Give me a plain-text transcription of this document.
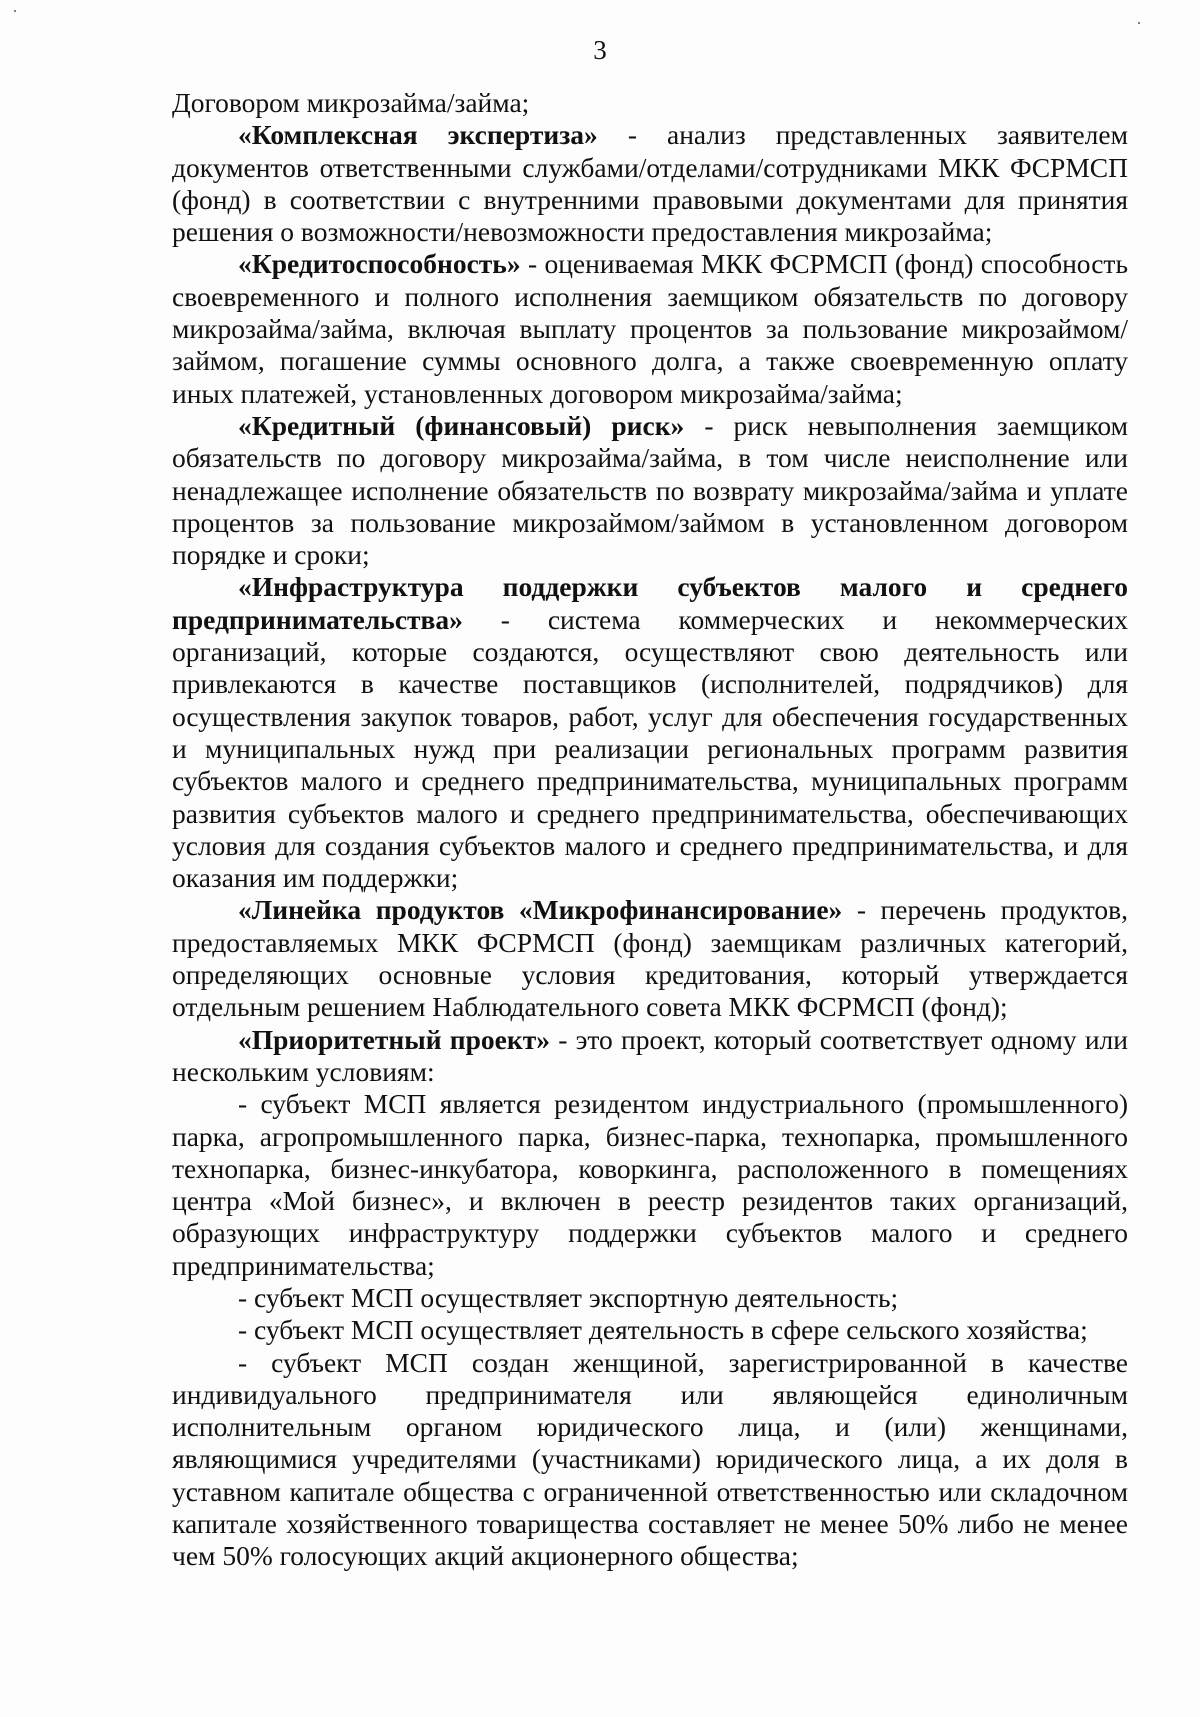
3

Договором микрозайма/займа;

«Комплексная экспертиза» - анализ представленных заявителем документов ответственными службами/отделами/сотрудниками МКК ФСРМСП (фонд) в соответствии с внутренними правовыми документами для принятия решения о возможности/невозможности предоставления микрозайма;

«Кредитоспособность» - оцениваемая МКК ФСРМСП (фонд) способность своевременного и полного исполнения заемщиком обязательств по договору микрозайма/займа, включая выплату процентов за пользование микрозаймом/займом, погашение суммы основного долга, а также своевременную оплату иных платежей, установленных договором микрозайма/займа;

«Кредитный (финансовый) риск» - риск невыполнения заемщиком обязательств по договору микрозайма/займа, в том числе неисполнение или ненадлежащее исполнение обязательств по возврату микрозайма/займа и уплате процентов за пользование микрозаймом/займом в установленном договором порядке и сроки;

«Инфраструктура поддержки субъектов малого и среднего предпринимательства» - система коммерческих и некоммерческих организаций, которые создаются, осуществляют свою деятельность или привлекаются в качестве поставщиков (исполнителей, подрядчиков) для осуществления закупок товаров, работ, услуг для обеспечения государственных и муниципальных нужд при реализации региональных программ развития субъектов малого и среднего предпринимательства, муниципальных программ развития субъектов малого и среднего предпринимательства, обеспечивающих условия для создания субъектов малого и среднего предпринимательства, и для оказания им поддержки;

«Линейка продуктов «Микрофинансирование» - перечень продуктов, предоставляемых МКК ФСРМСП (фонд) заемщикам различных категорий, определяющих основные условия кредитования, который утверждается отдельным решением Наблюдательного совета МКК ФСРМСП (фонд);

«Приоритетный проект» - это проект, который соответствует одному или нескольким условиям:

- субъект МСП является резидентом индустриального (промышленного) парка, агропромышленного парка, бизнес-парка, технопарка, промышленного технопарка, бизнес-инкубатора, коворкинга, расположенного в помещениях центра «Мой бизнес», и включен в реестр резидентов таких организаций, образующих инфраструктуру поддержки субъектов малого и среднего предпринимательства;

- субъект МСП осуществляет экспортную деятельность;

- субъект МСП осуществляет деятельность в сфере сельского хозяйства;

- субъект МСП создан женщиной, зарегистрированной в качестве индивидуального предпринимателя или являющейся единоличным исполнительным органом юридического лица, и (или) женщинами, являющимися учредителями (участниками) юридического лица, а их доля в уставном капитале общества с ограниченной ответственностью или складочном капитале хозяйственного товарищества составляет не менее 50% либо не менее чем 50% голосующих акций акционерного общества;
